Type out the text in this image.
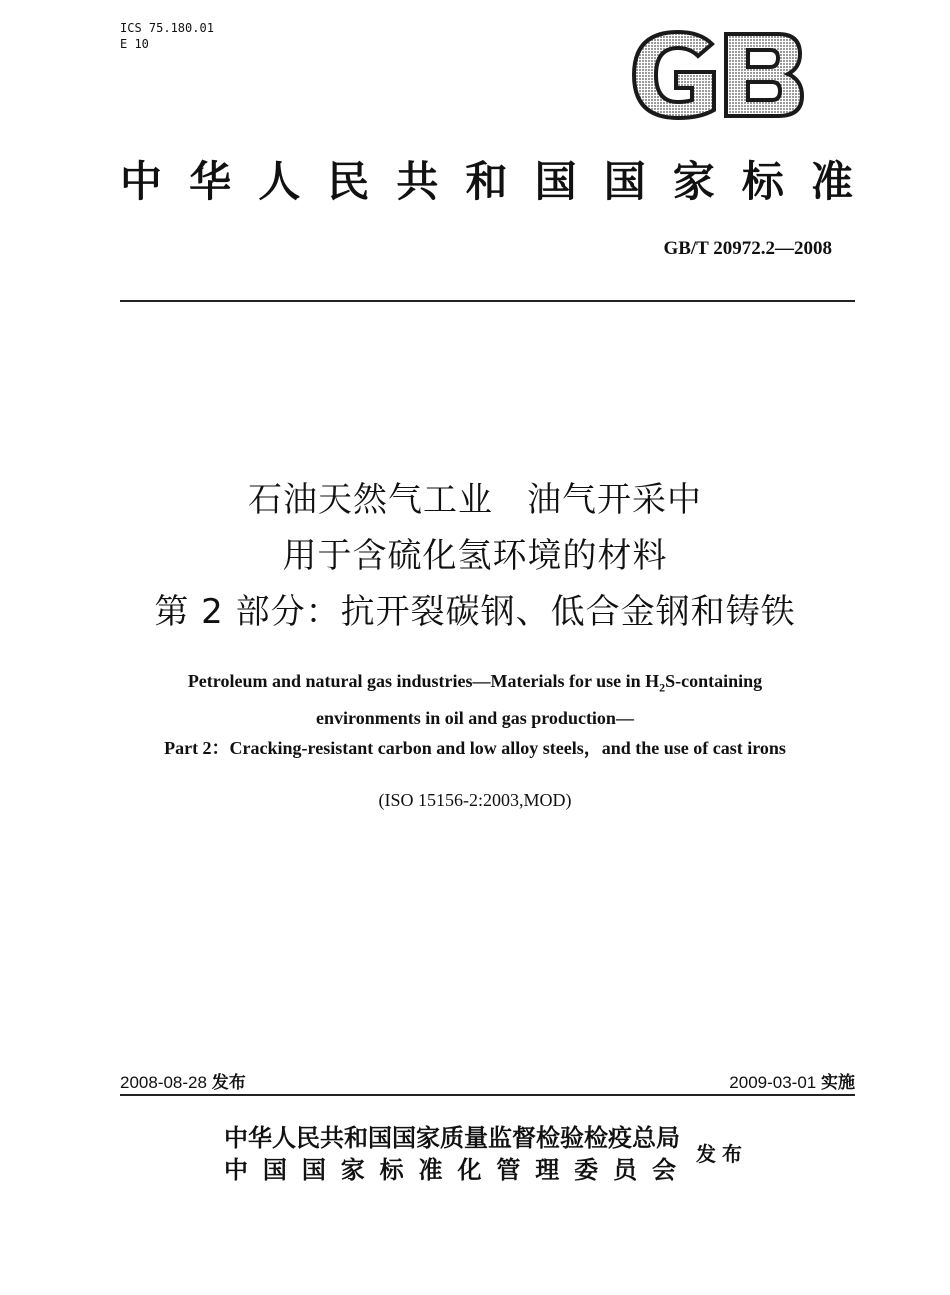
ICS 75.180.01
E 10
GB
中华人民共和国国家标准
GB/T 20972.2—2008
石油天然气工业 油气开采中
用于含硫化氢环境的材料
第 2 部分：抗开裂碳钢、低合金钢和铸铁
Petroleum and natural gas industries—Materials for use in $H_2S$-containing
environments in oil and gas production—
Part 2：Cracking-resistant carbon and low alloy steels，and the use of cast irons
(ISO 15156-2:2003,MOD)
2008-08-28 发布	2009-03-01 实施
中华人民共和国国家质量监督检验检疫总局
中国国家标准化管理委员会
发布
